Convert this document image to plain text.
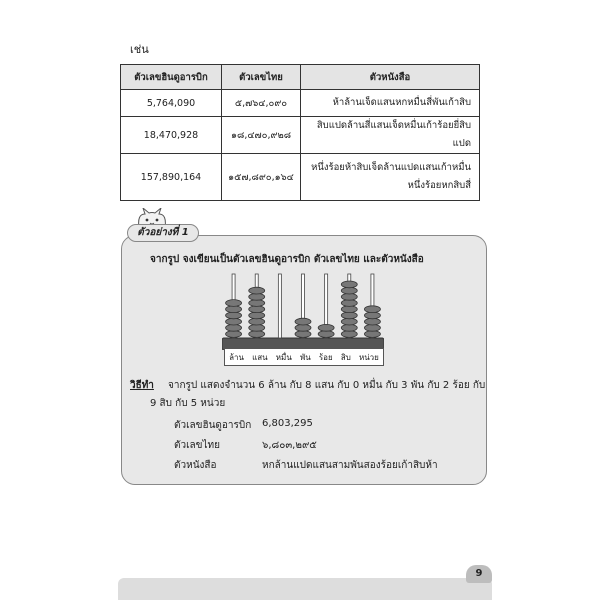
เช่น
ตัวเลขฮินดูอารบิก	ตัวเลขไทย	ตัวหนังสือ
5,764,090	๕,๗๖๔,๐๙๐	ห้าล้านเจ็ดแสนหกหมื่นสี่พันเก้าสิบ
18,470,928	๑๘,๔๗๐,๙๒๘	สิบแปดล้านสี่แสนเจ็ดหมื่นเก้าร้อยยี่สิบแปด
157,890,164	๑๕๗,๘๙๐,๑๖๔	หนึ่งร้อยห้าสิบเจ็ดล้านแปดแสนเก้าหมื่น
หนึ่งร้อยหกสิบสี่
ตัวอย่างที่ 1
จากรูป จงเขียนเป็นตัวเลขฮินดูอารบิก ตัวเลขไทย และตัวหนังสือ
ล้าน แสน หมื่น พัน ร้อย สิบ หน่วย
วิธีทำ จากรูป แสดงจำนวน 6 ล้าน กับ 8 แสน กับ 0 หมื่น กับ 3 พัน กับ 2 ร้อย กับ
9 สิบ กับ 5 หน่วย
ตัวเลขฮินดูอารบิก 6,803,295
ตัวเลขไทย	๖,๘๐๓,๒๙๕
ตัวหนังสือ	หกล้านแปดแสนสามพันสองร้อยเก้าสิบห้า
9
